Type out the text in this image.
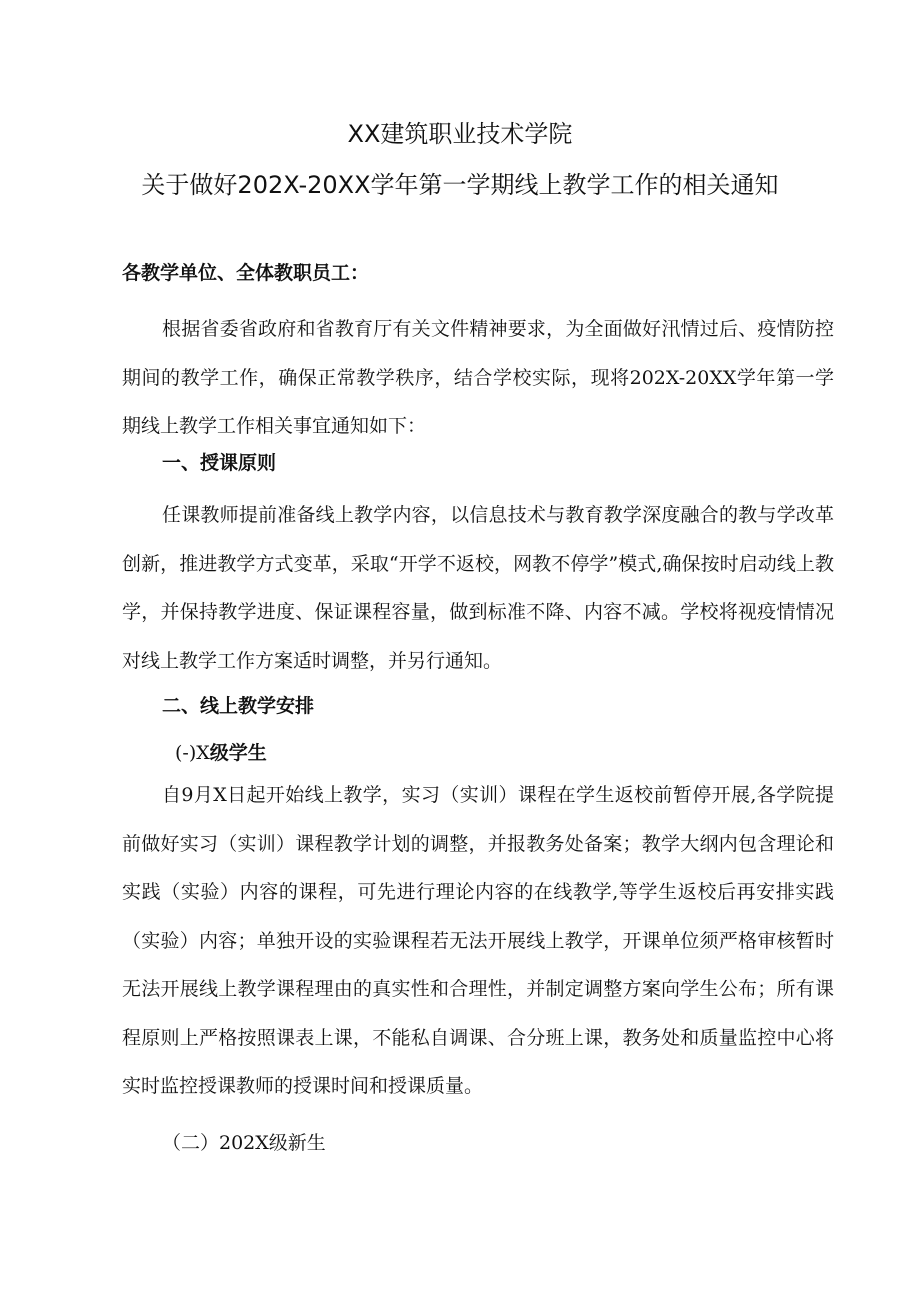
XX建筑职业技术学院
关于做好202X-20XX学年第一学期线上教学工作的相关通知
各教学单位、全体教职员工：

根据省委省政府和省教育厅有关文件精神要求，为全面做好汛情过后、疫情防控期间的教学工作，确保正常教学秩序，结合学校实际，现将202X-20XX学年第一学期线上教学工作相关事宜通知如下：

一、授课原则

任课教师提前准备线上教学内容，以信息技术与教育教学深度融合的教与学改革创新，推进教学方式变革，采取“开学不返校，网教不停学”模式,确保按时启动线上教学，并保持教学进度、保证课程容量，做到标准不降、内容不减。学校将视疫情情况对线上教学工作方案适时调整，并另行通知。

二、线上教学安排
(-)X级学生

自9月X日起开始线上教学，实习（实训）课程在学生返校前暂停开展,各学院提前做好实习（实训）课程教学计划的调整，并报教务处备案；教学大纲内包含理论和实践（实验）内容的课程，可先进行理论内容的在线教学,等学生返校后再安排实践（实验）内容；单独开设的实验课程若无法开展线上教学，开课单位须严格审核暂时无法开展线上教学课程理由的真实性和合理性，并制定调整方案向学生公布；所有课程原则上严格按照课表上课，不能私自调课、合分班上课，教务处和质量监控中心将实时监控授课教师的授课时间和授课质量。

（二）202X级新生
